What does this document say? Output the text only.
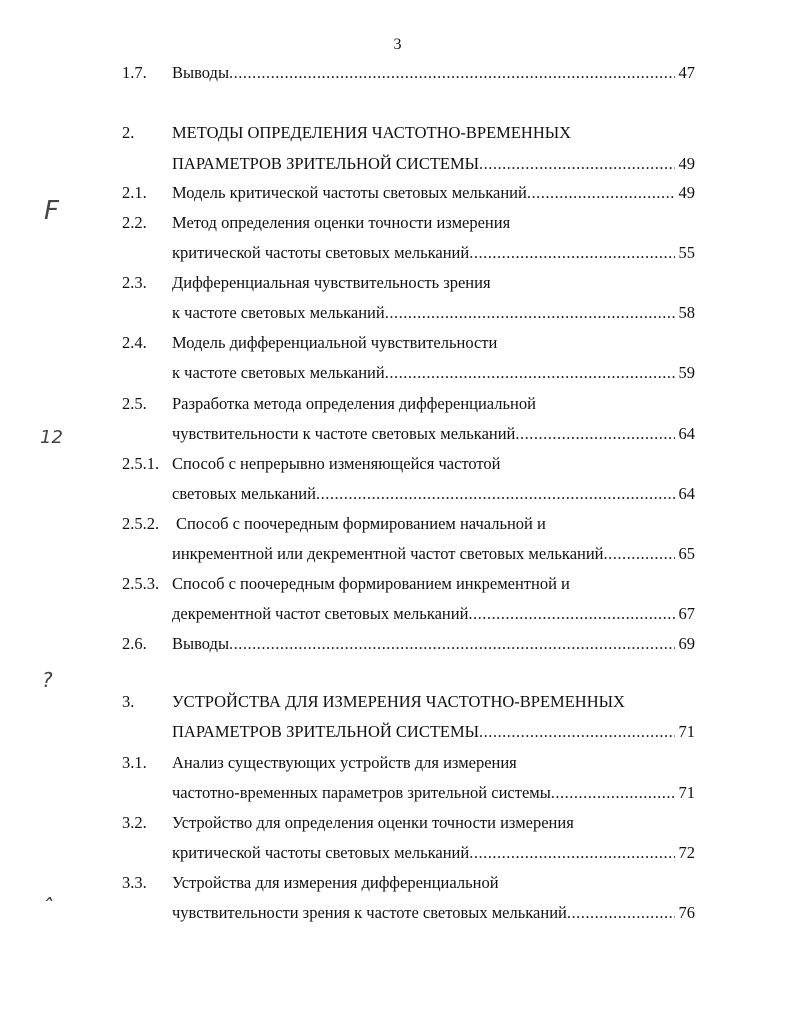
3
1.7. Выводы .....	47
2. МЕТОДЫ ОПРЕДЕЛЕНИЯ ЧАСТОТНО-ВРЕМЕННЫХ
ПАРАМЕТРОВ ЗРИТЕЛЬНОЙ СИСТЕМЫ .....	49
2.1. Модель критической частоты световых мельканий .....	49
2.2. Метод определения оценки точности измерения
критической частоты световых мельканий .....	55
2.3. Дифференциальная чувствительность зрения
к частоте световых мельканий .....	58
2.4. Модель дифференциальной чувствительности
к частоте световых мельканий .....	59
2.5. Разработка метода определения дифференциальной
чувствительности к частоте световых мельканий .....	64
2.5.1. Способ с непрерывно изменяющейся частотой
световых мельканий .....	64
2.5.2. Способ с поочередным формированием начальной и
инкрементной или декрементной частот световых мельканий .....	65
2.5.3. Способ с поочередным формированием инкрементной и
декрементной частот световых мельканий .....	67
2.6. Выводы .....	69
3. УСТРОЙСТВА ДЛЯ ИЗМЕРЕНИЯ ЧАСТОТНО-ВРЕМЕННЫХ
ПАРАМЕТРОВ ЗРИТЕЛЬНОЙ СИСТЕМЫ .....	71
3.1. Анализ существующих устройств для измерения
частотно-временных параметров зрительной системы .....	71
3.2. Устройство для определения оценки точности измерения
критической частоты световых мельканий .....	72
3.3. Устройства для измерения дифференциальной
чувствительности зрения к частоте световых мельканий .....	76
F
12
?
ˆ
